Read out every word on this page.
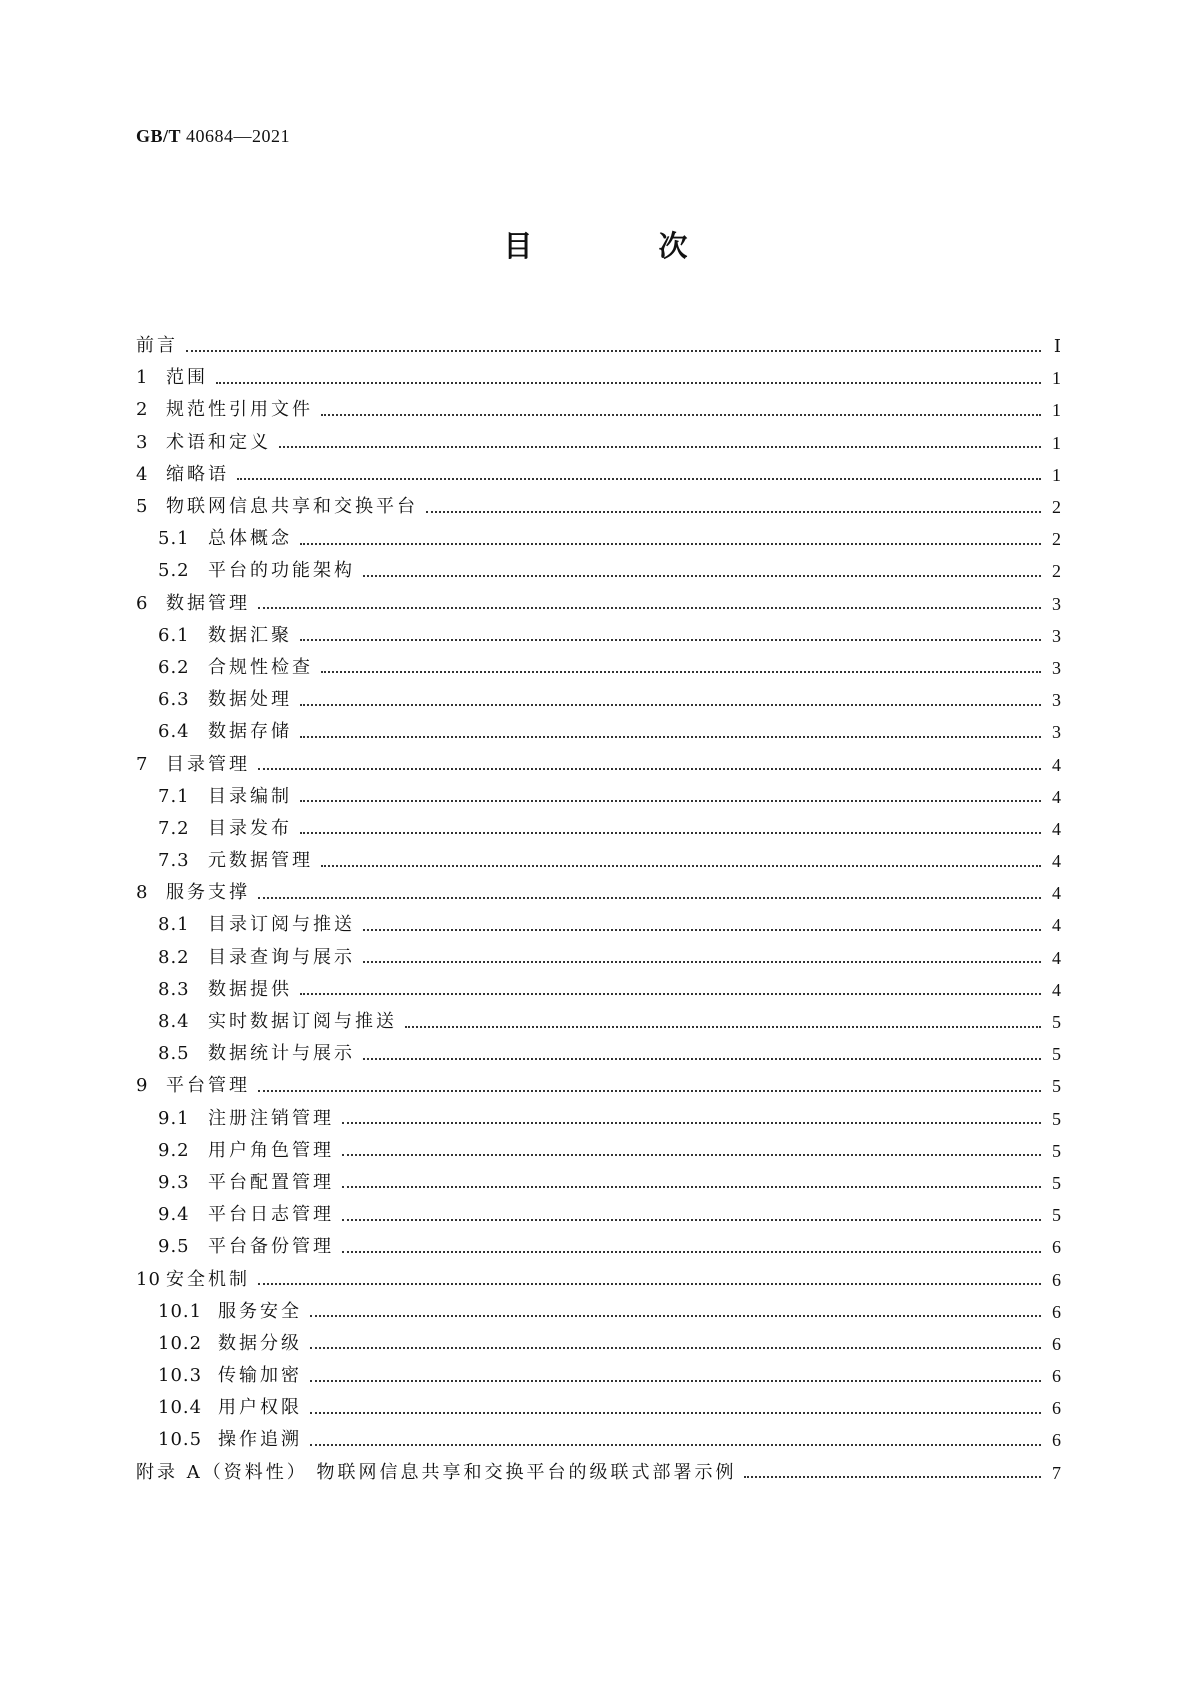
GB/T 40684—2021
目 次
前言	Ⅰ
1 范围	1
2 规范性引用文件	1
3 术语和定义	1
4 缩略语	1
5 物联网信息共享和交换平台	2
5.1	总体概念	2
5.2	平台的功能架构	2
6 数据管理	3
6.1	数据汇聚	3
6.2	合规性检查	3
6.3	数据处理	3
6.4	数据存储	3
7 目录管理	4
7.1	目录编制	4
7.2	目录发布	4
7.3	元数据管理	4
8 服务支撑	4
8.1	目录订阅与推送	4
8.2	目录查询与展示	4
8.3	数据提供	4
8.4	实时数据订阅与推送	5
8.5	数据统计与展示	5
9 平台管理	5
9.1	注册注销管理	5
9.2	用户角色管理	5
9.3	平台配置管理	5
9.4	平台日志管理	5
9.5	平台备份管理	6
10 安全机制	6
10.1 服务安全	6
10.2 数据分级	6
10.3 传输加密	6
10.4 用户权限	6
10.5 操作追溯	6
附录 A（资料性） 物联网信息共享和交换平台的级联式部署示例	7
